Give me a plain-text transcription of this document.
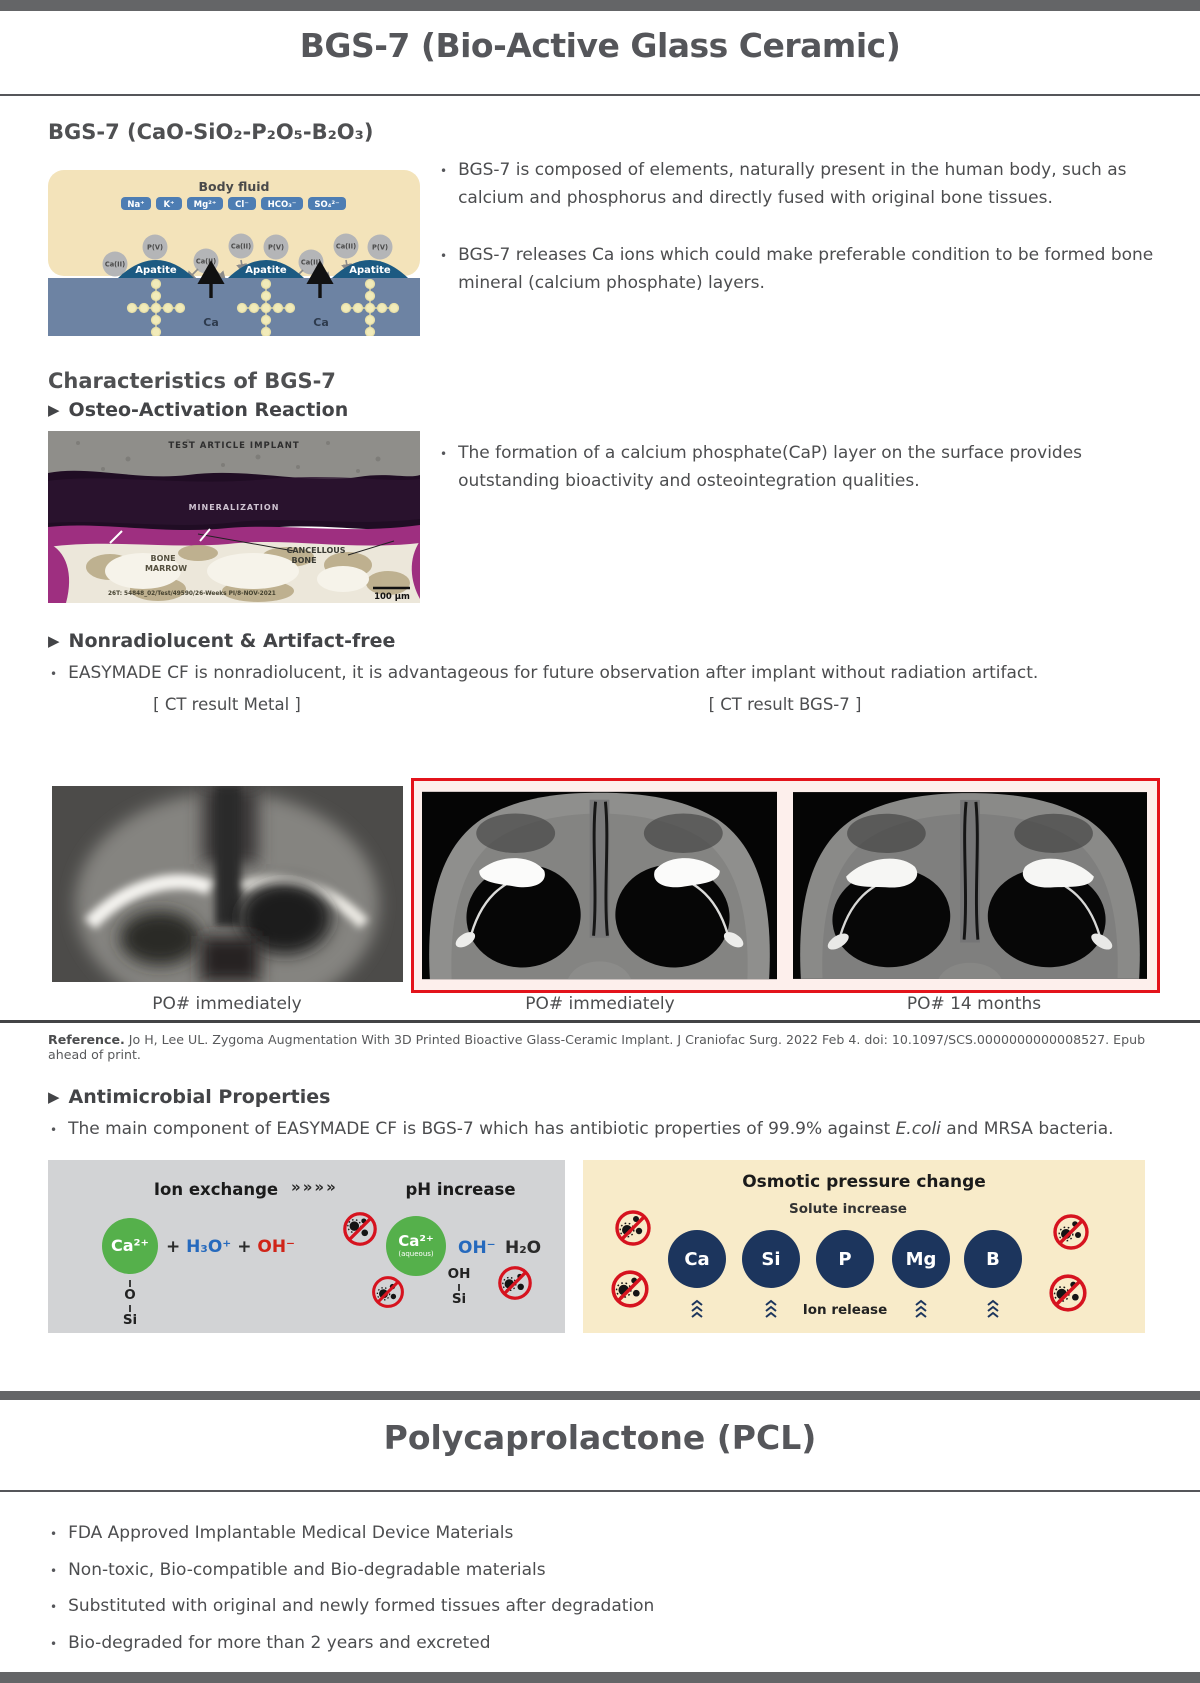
BGS-7 (Bio-Active Glass Ceramic)
BGS-7 (CaO-SiO₂-P₂O₅-B₂O₃)
Body fluid
Na⁺ K⁺ Mg²⁺ Cl⁻ HCO₃⁻ SO₄²⁻
Ca(II)
P(V)
Ca(II)
Ca(II)	P(V)
Ca(II)
Ca(II) P(V)
Apatite	Apatite	Apatite
Ca	Ca
• BGS-7 is composed of elements, naturally present in the human body, such as calcium and phosphorus and directly fused with original bone tissues.
• BGS-7 releases Ca ions which could make preferable condition to be formed bone mineral (calcium phosphate) layers.
Characteristics of BGS-7
▶ Osteo-Activation Reaction
TEST ARTICLE IMPLANT
MINERALIZATION
BONE
MARROW
CANCELLOUS
BONE
26T: 54848_02/Test/49590/26-Weeks PI/8-NOV-2021	100 μm
• The formation of a calcium phosphate(CaP) layer on the surface provides outstanding bioactivity and osteointegration qualities.
▶ Nonradiolucent & Artifact-free
• EASYMADE CF is nonradiolucent, it is advantageous for future observation after implant without radiation artifact.
[ CT result Metal ]	[ CT result BGS-7 ]
PO# immediately	PO# immediately	PO# 14 months
Reference. Jo H, Lee UL. Zygoma Augmentation With 3D Printed Bioactive Glass-Ceramic Implant. J Craniofac Surg. 2022 Feb 4. doi: 10.1097/SCS.0000000000008527. Epub ahead of print.
▶ Antimicrobial Properties
• The main component of EASYMADE CF is BGS-7 which has antibiotic properties of 99.9% against E.coli and MRSA bacteria.
Ion exchange »»»»	pH increase
Ca²⁺ + H₃O⁺ + OH⁻
O
Si
Ca²⁺
(aqueous) OH⁻ H₂O
OH
Si
Osmotic pressure change
Solute increase
Ca	Si	P	Mg	B
Ion release
Polycaprolactone (PCL)
• FDA Approved Implantable Medical Device Materials
• Non-toxic, Bio-compatible and Bio-degradable materials
• Substituted with original and newly formed tissues after degradation
• Bio-degraded for more than 2 years and excreted
